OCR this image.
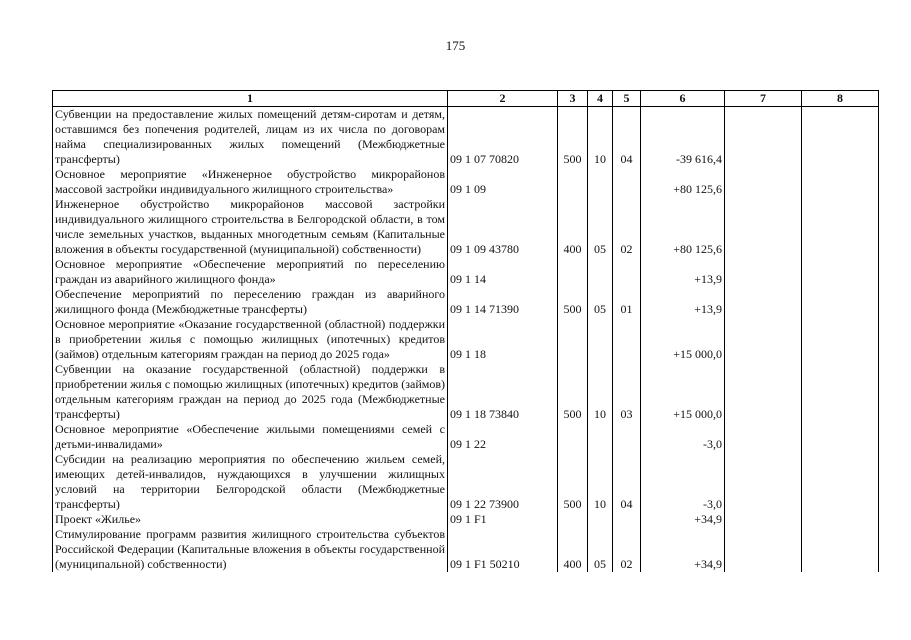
175
1	2	3	4	5	6	7	8
Субвенции на предоставление жилых помещений детям-сиротам и детям, оставшимся без попечения родителей, лицам из их числа по договорам найма специализированных жилых помещений (Межбюджетные трансферты)	09 1 07 70820	500	10	04	-39 616,4		
Основное мероприятие «Инженерное обустройство микрорайонов массовой застройки индивидуального жилищного строительства»	09 1 09				+80 125,6		
Инженерное обустройство микрорайонов массовой застройки индивидуального жилищного строительства в Белгородской области, в том числе земельных участков, выданных многодетным семьям (Капитальные вложения в объекты государственной (муниципальной) собственности)	09 1 09 43780	400	05	02	+80 125,6		
Основное мероприятие «Обеспечение мероприятий по переселению граждан из аварийного жилищного фонда»	09 1 14				+13,9		
Обеспечение мероприятий по переселению граждан из аварийного жилищного фонда (Межбюджетные трансферты)	09 1 14 71390	500	05	01	+13,9		
Основное мероприятие «Оказание государственной (областной) поддержки в приобретении жилья с помощью жилищных (ипотечных) кредитов (займов) отдельным категориям граждан на период до 2025 года»	09 1 18				+15 000,0		
Субвенции на оказание государственной (областной) поддержки в приобретении жилья с помощью жилищных (ипотечных) кредитов (займов) отдельным категориям граждан на период до 2025 года (Межбюджетные трансферты)	09 1 18 73840	500	10	03	+15 000,0		
Основное мероприятие «Обеспечение жильыми помещениями семей с детьми-инвалидами»	09 1 22				-3,0		
Субсидии на реализацию мероприятия по обеспечению жильем семей, имеющих детей-инвалидов, нуждающихся в улучшении жилищных условий на территории Белгородской области (Межбюджетные трансферты)	09 1 22 73900	500	10	04	-3,0		
Проект «Жилье»	09 1 F1				+34,9		
Стимулирование программ развития жилищного строительства субъектов Российской Федерации (Капитальные вложения в объекты государственной (муниципальной) собственности)	09 1 F1 50210	400	05	02	+34,9		
